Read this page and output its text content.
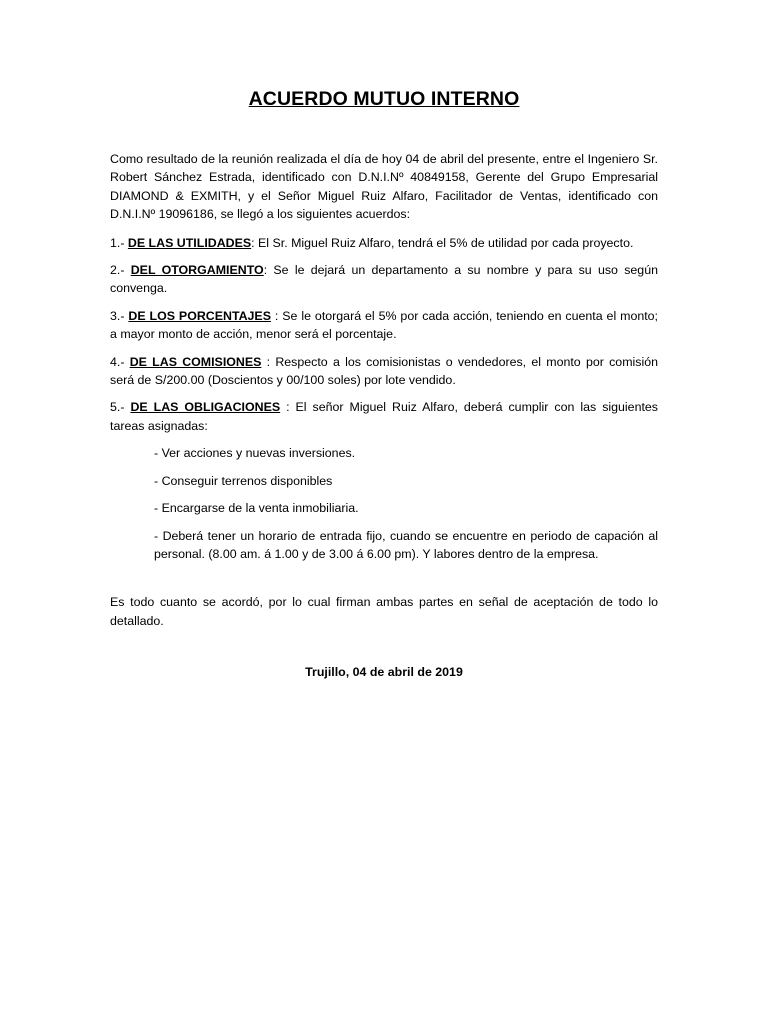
ACUERDO MUTUO INTERNO

Como resultado de la reunión realizada el día de hoy 04 de abril del presente, entre el Ingeniero Sr. Robert Sánchez Estrada, identificado con D.N.I.Nº 40849158, Gerente del Grupo Empresarial DIAMOND & EXMITH, y el Señor Miguel Ruiz Alfaro, Facilitador de Ventas, identificado con D.N.I.Nº 19096186, se llegó a los siguientes acuerdos:

1.- DE LAS UTILIDADES: El Sr. Miguel Ruiz Alfaro, tendrá el 5% de utilidad por cada proyecto.

2.- DEL OTORGAMIENTO: Se le dejará un departamento a su nombre y para su uso según convenga.

3.- DE LOS PORCENTAJES : Se le otorgará el 5% por cada acción, teniendo en cuenta el monto; a mayor monto de acción, menor será el porcentaje.

4.- DE LAS COMISIONES : Respecto a los comisionistas o vendedores, el monto por comisión será de S/200.00 (Doscientos y 00/100 soles) por lote vendido.

5.- DE LAS OBLIGACIONES : El señor Miguel Ruiz Alfaro, deberá cumplir con las siguientes tareas asignadas:

- Ver acciones y nuevas inversiones.

- Conseguir terrenos disponibles

- Encargarse de la venta inmobiliaria.

- Deberá tener un horario de entrada fijo, cuando se encuentre en periodo de capación al personal. (8.00 am. á 1.00 y de 3.00 á 6.00 pm). Y labores dentro de la empresa.

Es todo cuanto se acordó, por lo cual firman ambas partes en señal de aceptación de todo lo detallado.

Trujillo, 04 de abril de 2019
